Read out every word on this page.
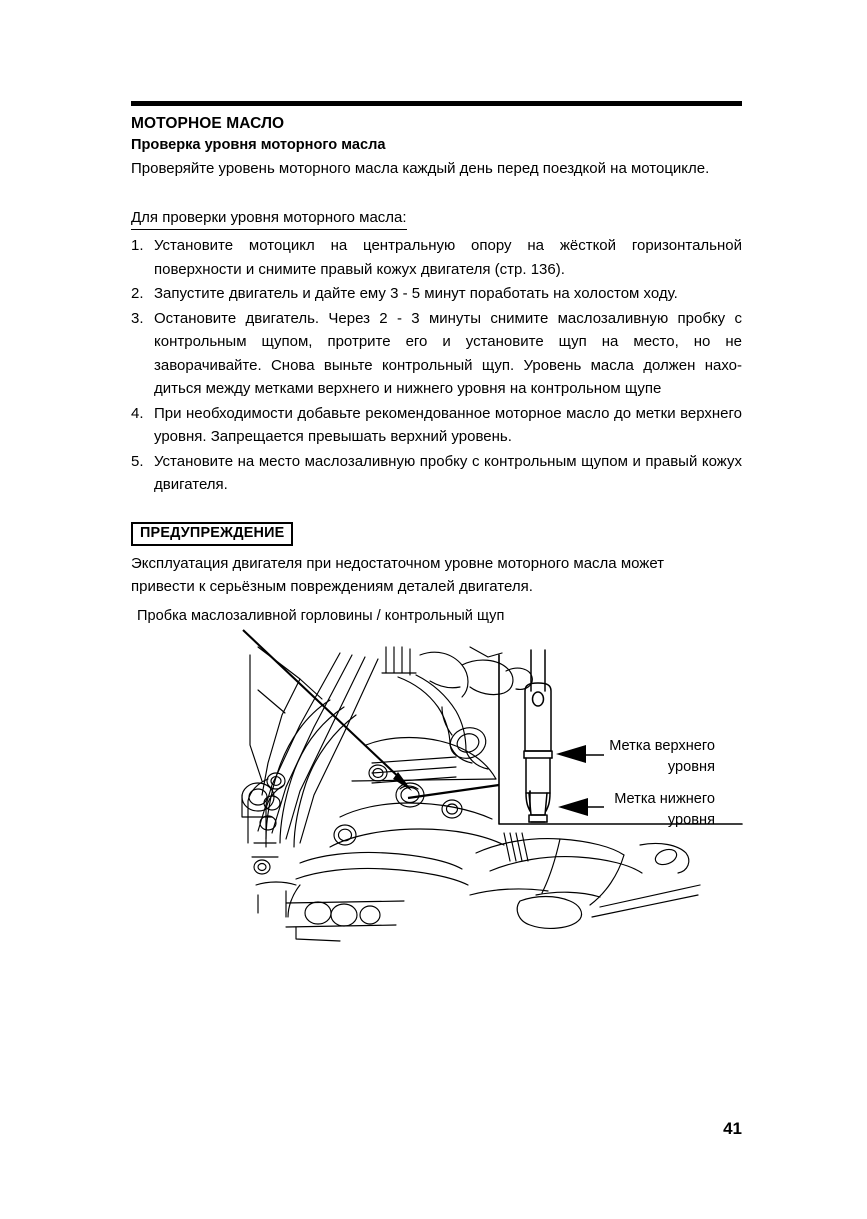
МОТОРНОЕ МАСЛО
Проверка уровня моторного масла

Проверяйте уровень моторного масла каждый день перед поездкой на мотоцикле.

Для проверки уровня моторного масла:
1. Установите мотоцикл на центральную опору на жёсткой горизонтальной поверхности и снимите правый кожух двигателя (стр. 136).
2. Запустите двигатель и дайте ему 3 - 5 минут поработать на холостом ходу.
3. Остановите двигатель. Через 2 - 3 минуты снимите маслозаливную пробку с контрольным щупом, протрите его и установите щуп на место, но не заворачивайте. Снова выньте контрольный щуп. Уровень масла должен нахо-диться между метками верхнего и нижнего уровня на контрольном щупе
4. При необходимости добавьте рекомендованное моторное масло до метки верхнего уровня. Запрещается превышать верхний уровень.
5. Установите на место маслозаливную пробку с контрольным щупом и правый кожух двигателя.
ПРЕДУПРЕЖДЕНИЕ

Эксплуатация двигателя при недостаточном уровне моторного масла может
привести к серьёзным повреждениям деталей двигателя.

Пробка маслозаливной горловины / контрольный щуп
Метка верхнего
уровня
Метка нижнего
уровня
41
